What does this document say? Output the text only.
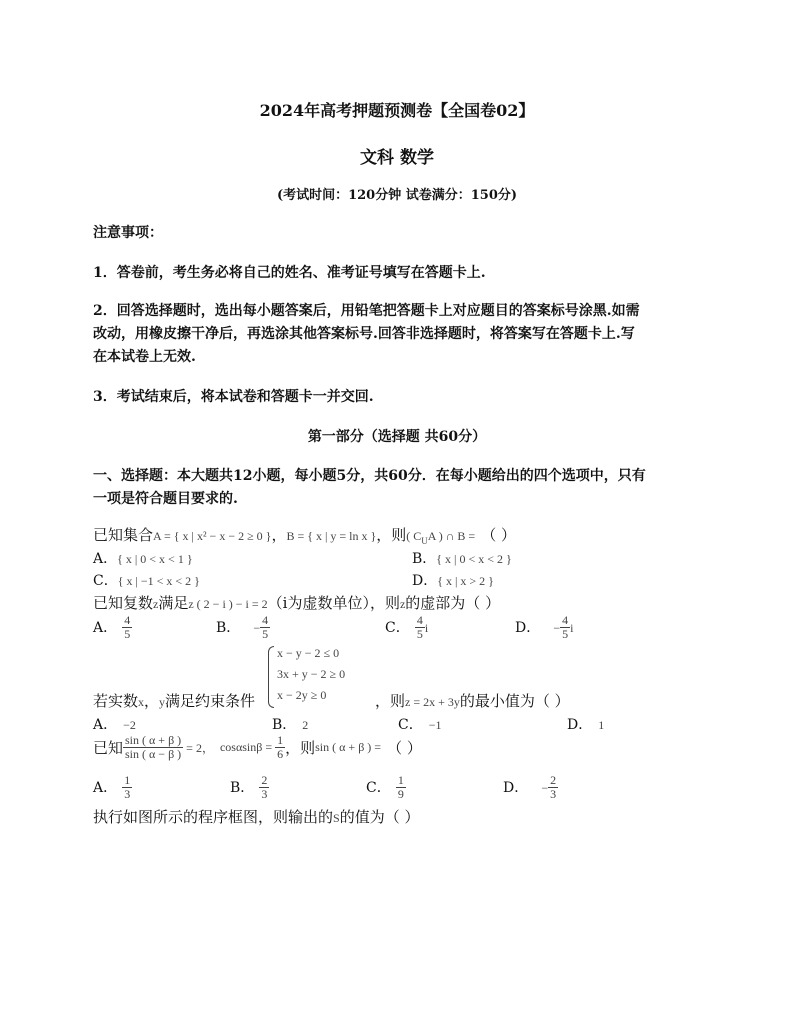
2024年高考押题预测卷【全国卷02】
文科 数学
(考试时间：120分钟 试卷满分：150分)
注意事项：
1．答卷前，考生务必将自己的姓名、准考证号填写在答题卡上.
2．回答选择题时，选出每小题答案后，用铅笔把答题卡上对应题目的答案标号涂黑.如需
改动，用橡皮擦干净后，再选涂其他答案标号.回答非选择题时，将答案写在答题卡上.写
在本试卷上无效.
3．考试结束后，将本试卷和答题卡一并交回.
第一部分（选择题 共60分）
一、选择题：本大题共12小题，每小题5分，共60分．在每小题给出的四个选项中，只有
一项是符合题目要求的.
已知集合A = { x | x² − x − 2 ≥ 0 }，B = { x | y = ln x }，则( $C_UA$ ) ∩ B = （ ）
A．{ x | 0 < x < 1 }	B．{ x | 0 < x < 2 }
C．{ x | −1 < x < 2 }	D．{ x | x > 2 }
已知复数z满足z ( 2 − i ) − i = 2（i为虚数单位），则z的虚部为（ ）
A． $\frac{4}{5}$	B． − $\frac{4}{5}$	C． $\frac{4}{5}$ i	D． − $\frac{4}{5}$ i
x − y − 2 ≤ 0
3x + y − 2 ≥ 0
x − 2y ≥ 0
若实数x，y满足约束条件	，则z = 2x + 3y的最小值为（ ）
A． −2	B． 2	C． −1	D． 1
已知 $\frac{\sin ( \alpha + \beta )}{\sin ( \alpha - \beta )} = 2$， $\cos\alpha\sin\beta = \frac{1}{6}$ ，则sin ( α + β ) = （ ）
A． $\frac{1}{3}$	B． $\frac{2}{3}$	C． $\frac{1}{9}$	D． − $\frac{2}{3}$
执行如图所示的程序框图，则输出的S的值为（ ）
